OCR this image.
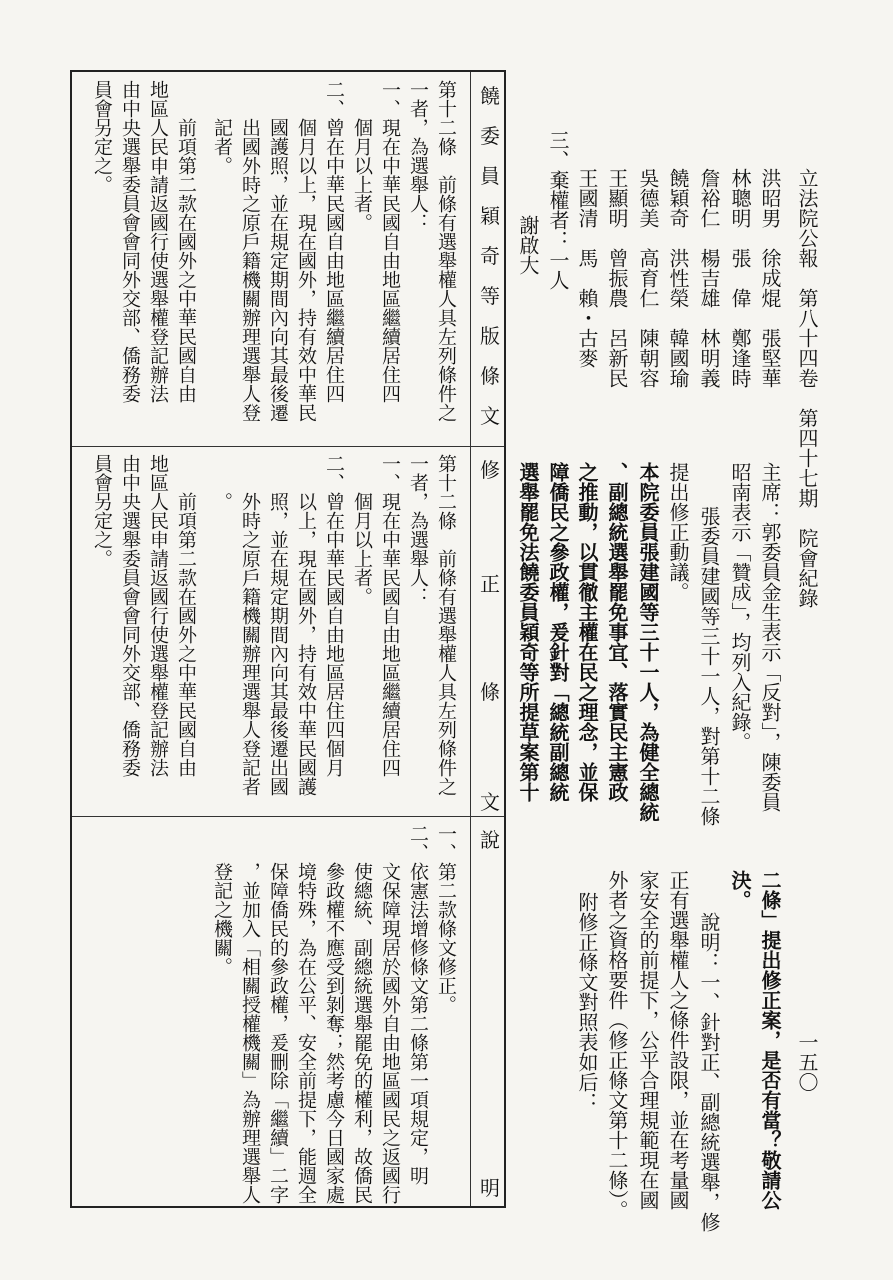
立法院公報　第八十四卷　第四十七期　院會紀錄
一五〇
洪昭男　徐成焜　張堅華
林聰明　張　偉　鄭逢時
詹裕仁　楊吉雄　林明義
饒穎奇　洪性榮　韓國瑜
吳德美　高育仁　陳朝容
王顯明　曾振農　呂新民
王國清　馬　賴・古麥
三、棄權者：一人
謝啟大
主席：郭委員金生表示「反對」，陳委員
昭南表示「贊成」，均列入紀錄。
張委員建國等三十一人，對第十二條
提出修正動議。
本院委員張建國等三十一人，為健全總統
、副總統選舉罷免事宜、落實民主憲政
之推動，以貫徹主權在民之理念，並保
障僑民之參政權，爰針對「總統副總統
選舉罷免法饒委員穎奇等所提草案第十
二條」提出修正案，是否有當？敬請公
決。
說明：一、針對正、副總統選舉，修
正有選舉權人之條件設限，並在考量國
家安全的前提下，公平合理規範現在國
外者之資格要件（修正條文第十二條）。
附修正條文對照表如后：
饒
委
員
穎
奇
等
版
條
文
修
正
條
文
說
明
第十二條　前條有選舉權人具左列條件之
一者，為選舉人：
一、現在中華民國自由地區繼續居住四
個月以上者。
二、曾在中華民國自由地區繼續居住四
個月以上，現在國外，持有效中華民
國護照，並在規定期間內向其最後遷
出國外時之原戶籍機關辦理選舉人登
記者。
前項第二款在國外之中華民國自由
地區人民申請返國行使選舉權登記辦法
由中央選舉委員會會同外交部、僑務委
員會另定之。
第十二條　前條有選舉權人具左列條件之
一者，為選舉人：
一、現在中華民國自由地區繼續居住四
個月以上者。
二、曾在中華民國自由地區居住四個月
以上，現在國外，持有效中華民國護
照，並在規定期間內向其最後遷出國
外時之原戶籍機關辦理選舉人登記者
。
前項第二款在國外之中華民國自由
地區人民申請返國行使選舉權登記辦法
由中央選舉委員會會同外交部、僑務委
員會另定之。
一、第二款條文修正。
二、依憲法增修條文第二條第一項規定，明
文保障現居於國外自由地區國民之返國行
使總統、副總統選舉罷免的權利，故僑民
參政權不應受到剝奪；然考慮今日國家處
境特殊，為在公平、安全前提下，能週全
保障僑民的參政權，爰刪除「繼續」二字
，並加入「相關授權機關」為辦理選舉人
登記之機關。
